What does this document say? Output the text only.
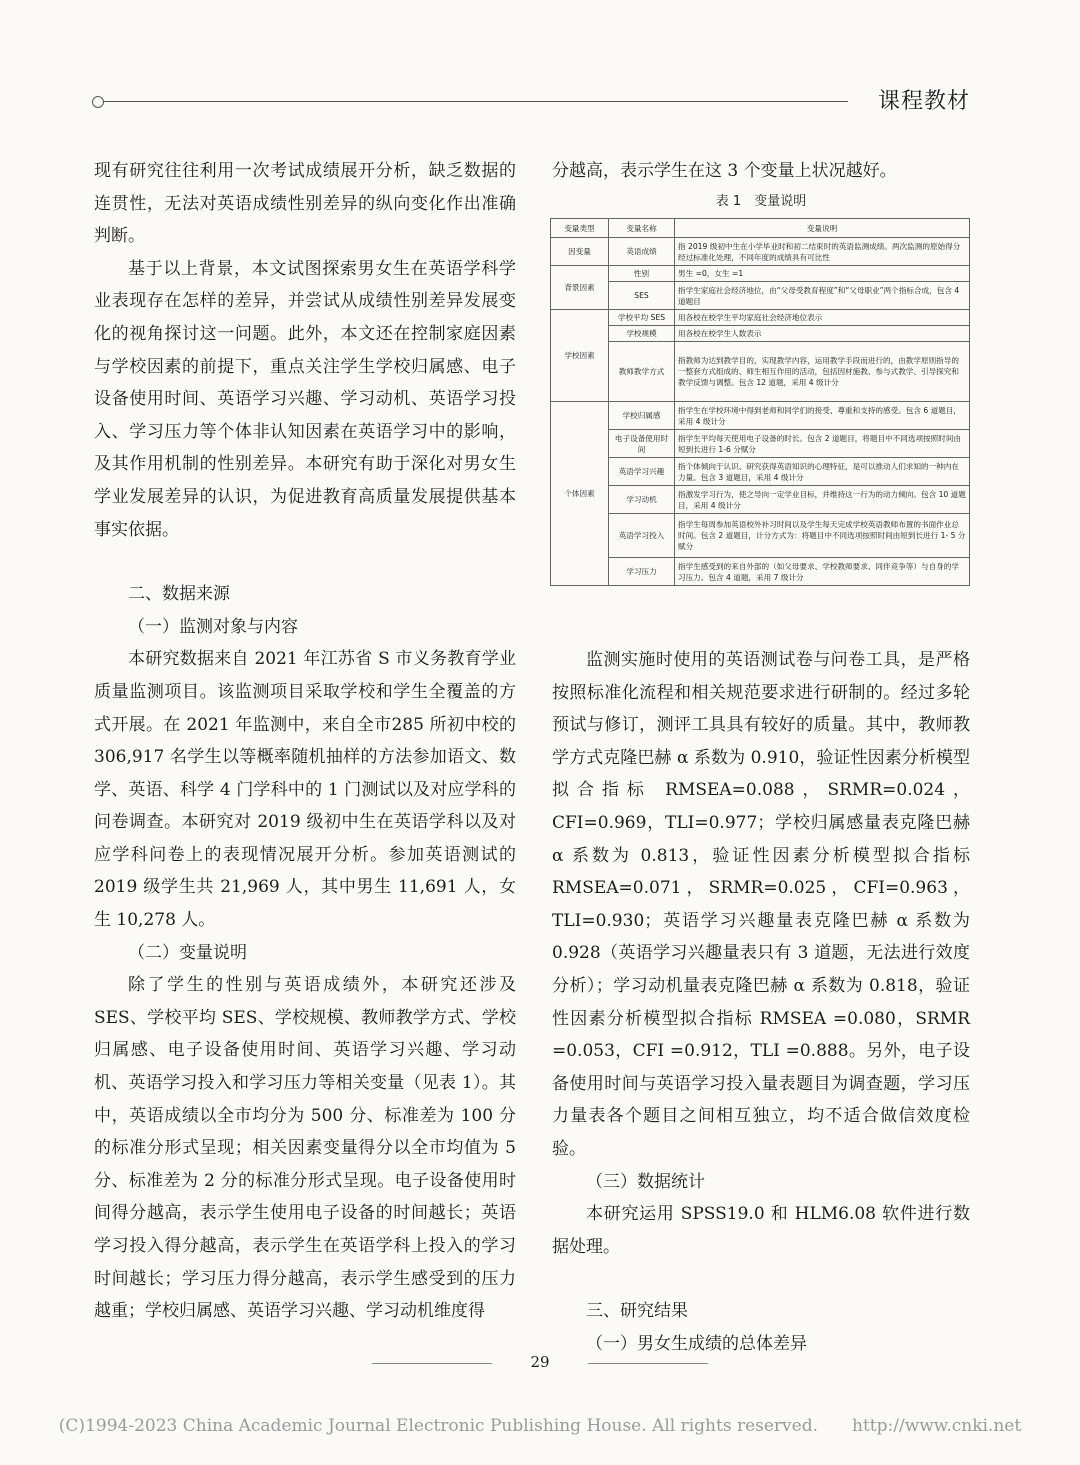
课程教材

现有研究往往利用一次考试成绩展开分析，缺乏数据的连贯性，无法对英语成绩性别差异的纵向变化作出准确判断。

基于以上背景，本文试图探索男女生在英语学科学业表现存在怎样的差异，并尝试从成绩性别差异发展变化的视角探讨这一问题。此外，本文还在控制家庭因素与学校因素的前提下，重点关注学生学校归属感、电子设备使用时间、英语学习兴趣、学习动机、英语学习投入、学习压力等个体非认知因素在英语学习中的影响，及其作用机制的性别差异。本研究有助于深化对男女生学业发展差异的认识，为促进教育高质量发展提供基本事实依据。

二、数据来源

（一）监测对象与内容

本研究数据来自 2021 年江苏省 S 市义务教育学业质量监测项目。该监测项目采取学校和学生全覆盖的方式开展。在 2021 年监测中，来自全市285 所初中校的 306,917 名学生以等概率随机抽样的方法参加语文、数学、英语、科学 4 门学科中的 1 门测试以及对应学科的问卷调查。本研究对 2019 级初中生在英语学科以及对应学科问卷上的表现情况展开分析。参加英语测试的 2019 级学生共 21,969 人，其中男生 11,691 人，女生 10,278 人。

（二）变量说明

除了学生的性别与英语成绩外，本研究还涉及 SES、学校平均 SES、学校规模、教师教学方式、学校归属感、电子设备使用时间、英语学习兴趣、学习动机、英语学习投入和学习压力等相关变量（见表 1）。其中，英语成绩以全市均分为 500 分、标准差为 100 分的标准分形式呈现；相关因素变量得分以全市均值为 5 分、标准差为 2 分的标准分形式呈现。电子设备使用时间得分越高，表示学生使用电子设备的时间越长；英语学习投入得分越高，表示学生在英语学科上投入的学习时间越长；学习压力得分越高，表示学生感受到的压力越重；学校归属感、英语学习兴趣、学习动机维度得

分越高，表示学生在这 3 个变量上状况越好。

表 1　变量说明
变量类型	变量名称	变量说明
因变量	英语成绩	指 2019 级初中生在小学毕业时和初二结束时的英语监测成绩。两次监测的原始得分经过标准化处理，不同年度的成绩具有可比性
背景因素	性别	男生 =0，女生 =1
	SES	指学生家庭社会经济地位，由“父母受教育程度”和“父母职业”两个指标合成，包含 4 道题目
学校因素	学校平均 SES	用各校在校学生平均家庭社会经济地位表示
	学校规模	用各校在校学生人数表示
	教师教学方式	指教师为达到教学目的，实现教学内容，运用教学手段而进行的，由教学原则指导的一整套方式组成的、师生相互作用的活动，包括因材施教、参与式教学、引导探究和教学反馈与调整。包含 12 道题，采用 4 级计分
个体因素	学校归属感	指学生在学校环境中得到老师和同学们的接受、尊重和支持的感受。包含 6 道题目，采用 4 级计分
	电子设备使用时间	指学生平均每天使用电子设备的时长。包含 2 道题目，将题目中不同选项按照时间由短到长进行 1-6 分赋分
	英语学习兴趣	指个体倾向于认识、研究获得英语知识的心理特征，是可以推动人们求知的一种内在力量。包含 3 道题目，采用 4 级计分
	学习动机	指激发学习行为，使之导向一定学业目标，并维持这一行为的动力倾向。包含 10 道题目，采用 4 级计分
	英语学习投入	指学生每周参加英语校外补习时间以及学生每天完成学校英语教师布置的书面作业总时间。包含 2 道题目，计分方式为：将题目中不同选项按照时间由短到长进行 1- 5 分赋分
	学习压力	指学生感受到的来自外部的（如父母要求、学校教师要求、同伴竞争等）与自身的学习压力。包含 4 道题，采用 7 级计分

监测实施时使用的英语测试卷与问卷工具，是严格按照标准化流程和相关规范要求进行研制的。经过多轮预试与修订，测评工具具有较好的质量。其中，教师教学方式克隆巴赫 α 系数为 0.910，验证性因素分析模型拟合指标 RMSEA=0.088，SRMR=0.024，CFI=0.969，TLI=0.977；学校归属感量表克隆巴赫 α 系数为 0.813，验证性因素分析模型拟合指标 RMSEA=0.071，SRMR=0.025，CFI=0.963，TLI=0.930；英语学习兴趣量表克隆巴赫 α 系数为 0.928（英语学习兴趣量表只有 3 道题，无法进行效度分析）；学习动机量表克隆巴赫 α 系数为 0.818，验证性因素分析模型拟合指标 RMSEA =0.080，SRMR =0.053，CFI =0.912，TLI =0.888。另外，电子设备使用时间与英语学习投入量表题目为调查题，学习压力量表各个题目之间相互独立，均不适合做信效度检验。

（三）数据统计

本研究运用 SPSS19.0 和 HLM6.08 软件进行数据处理。

三、研究结果

（一）男女生成绩的总体差异

29
(C)1994-2023 China Academic Journal Electronic Publishing House. All rights reserved.　　http://www.cnki.net
